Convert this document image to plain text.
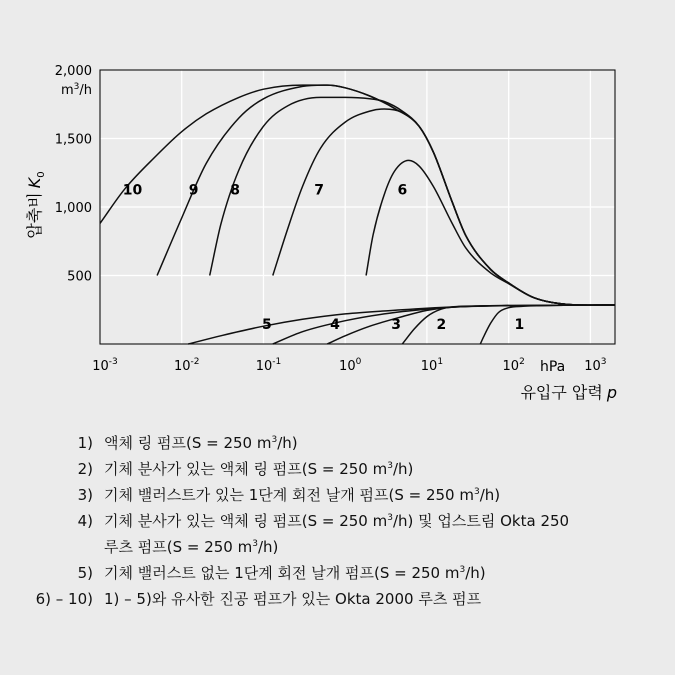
$10^{-3}$	$10^{-2}$	$10^{-1}$	$10^0$	$10^1$	$10^2$	$10^3$
500
1,000
1,500
2,000
1
2
3
4
5
6
7
8
9
10
압축비$K_0$
$m^3/h$
hPa
유입구 압력 p
1) 액체 링 펌프(S = 250 $m^3/h$)
2) 기체 분사가 있는 액체 링 펌프(S = 250 $m^3/h$)
3) 기체 밸러스트가 있는 1단계 회전 날개 펌프(S = 250 $m^3/h$)
4) 기체 분사가 있는 액체 링 펌프(S = 250 $m^3/h$) 및 업스트림 Okta 250
루츠 펌프(S = 250 $m^3/h$)
5) 기체 밸러스트 없는 1단계 회전 날개 펌프(S = 250 $m^3/h$)
6) – 10) 1) – 5)와 유사한 진공 펌프가 있는 Okta 2000 루츠 펌프
